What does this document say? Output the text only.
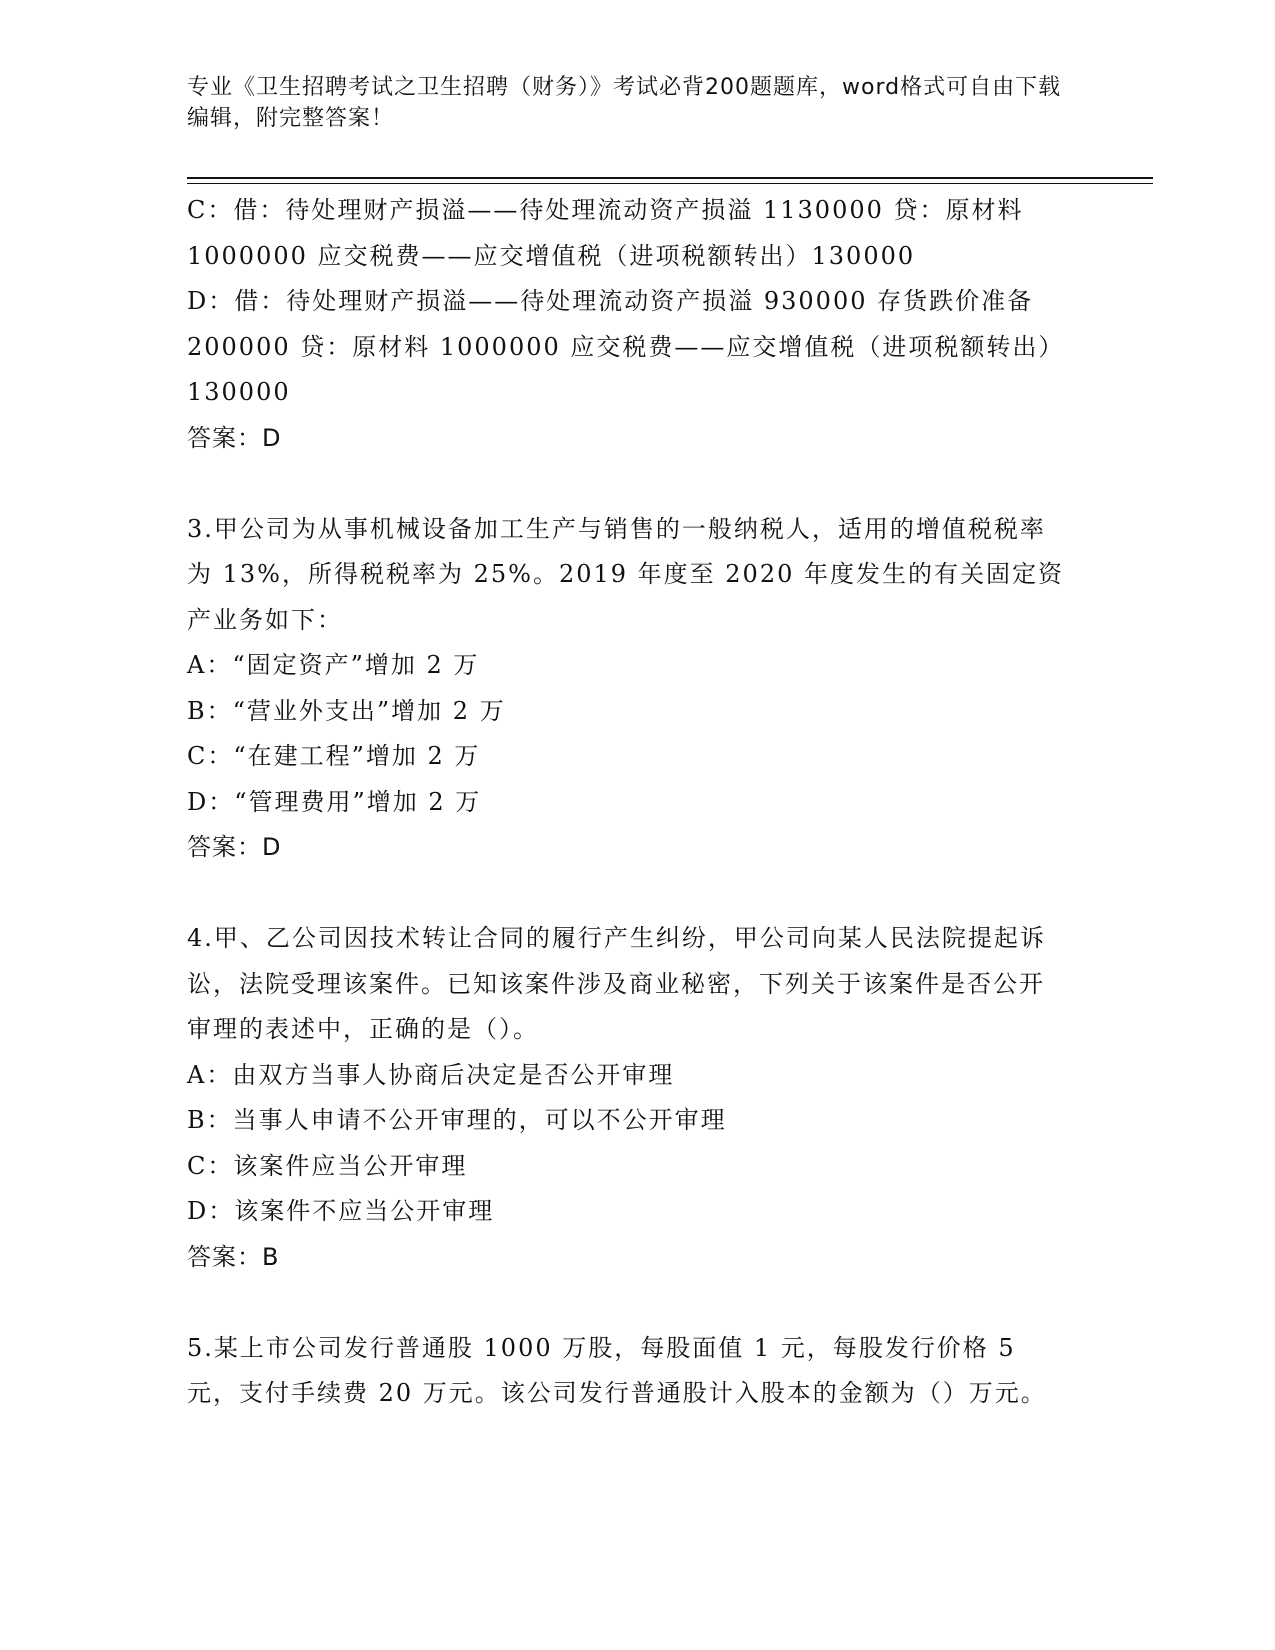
专业《卫生招聘考试之卫生招聘（财务）》考试必背200题题库，word格式可自由下载编辑，附完整答案！

C：借：待处理财产损溢——待处理流动资产损溢 1130000 贷：原材料 1000000 应交税费——应交增值税（进项税额转出）130000

D：借：待处理财产损溢——待处理流动资产损溢 930000 存货跌价准备 200000 贷：原材料 1000000 应交税费——应交增值税（进项税额转出）130000

答案：D

3.甲公司为从事机械设备加工生产与销售的一般纳税人，适用的增值税税率为 13%，所得税税率为 25%。2019 年度至 2020 年度发生的有关固定资产业务如下：

A：“固定资产”增加 2 万

B：“营业外支出”增加 2 万

C：“在建工程”增加 2 万

D：“管理费用”增加 2 万

答案：D

4.甲、乙公司因技术转让合同的履行产生纠纷，甲公司向某人民法院提起诉讼，法院受理该案件。已知该案件涉及商业秘密，下列关于该案件是否公开审理的表述中，正确的是（）。

A：由双方当事人协商后决定是否公开审理

B：当事人申请不公开审理的，可以不公开审理

C：该案件应当公开审理

D：该案件不应当公开审理

答案：B

5.某上市公司发行普通股 1000 万股，每股面值 1 元，每股发行价格 5 元，支付手续费 20 万元。该公司发行普通股计入股本的金额为（）万元。
